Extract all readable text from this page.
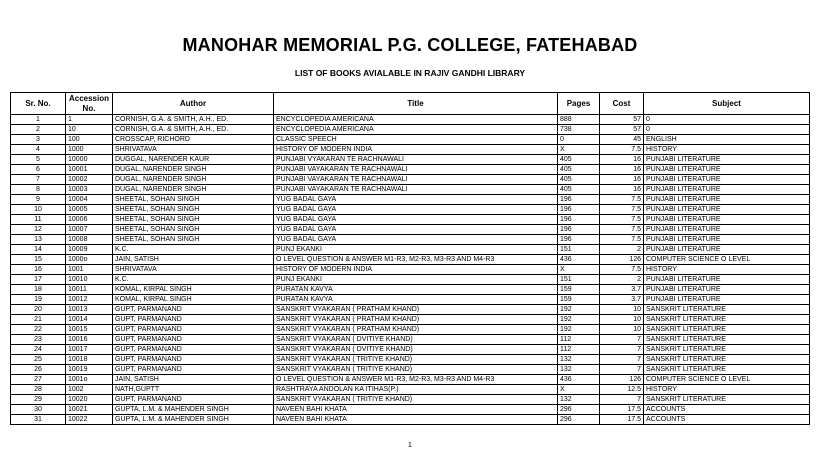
MANOHAR MEMORIAL P.G. COLLEGE, FATEHABAD
LIST OF BOOKS AVIALABLE IN RAJIV GANDHI LIBRARY
Sr. No.	Accession No.	Author	Title	Pages	Cost	Subject
1	1	CORNISH, G.A. & SMITH, A.H., ED.	ENCYCLOPEDIA AMERICANA	888	57	0
2	10	CORNISH, G.A. & SMITH, A.H., ED.	ENCYCLOPEDIA AMERICANA	738	57	0
3	100	CROSSCAP, RICHORD	CLASSIC SPEECH	0	45	ENGLISH
4	1000	SHRIVATAVA	HISTORY OF MODERN INDIA	X	7.5	HISTORY
5	10000	DUGGAL, NARENDER KAUR	PUNJABI VYAKARAN TE RACHNAWALI	405	16	PUNJABI LITERATURE
6	10001	DUGAL, NARENDER SINGH	PUNJABI VAYAKARAN TE RACHNAWALI	405	16	PUNJABI LITERATURE
7	10002	DUGAL, NARENDER SINGH	PUNJABI VAYAKARAN TE RACHNAWALI	405	16	PUNJABI LITERATURE
8	10003	DUGAL, NARENDER SINGH	PUNJABI VAYAKARAN TE RACHNAWALI	405	16	PUNJABI LITERATURE
9	10004	SHEETAL, SOHAN SINGH	YUG BADAL GAYA	196	7.5	PUNJABI LITERATURE
10	10005	SHEETAL, SOHAN SINGH	YUG BADAL GAYA	196	7.5	PUNJABI LITERATURE
11	10006	SHEETAL, SOHAN SINGH	YUG BADAL GAYA	196	7.5	PUNJABI LITERATURE
12	10007	SHEETAL, SOHAN SINGH	YUG BADAL GAYA	196	7.5	PUNJABI LITERATURE
13	10008	SHEETAL, SOHAN SINGH	YUG BADAL GAYA	196	7.5	PUNJABI LITERATURE
14	10009	K.C.	PUNJ EKANKI	151	2	PUNJABI LITERATURE
15	1000o	JAIN, SATISH	O LEVEL QUESTION & ANSWER M1-R3, M2-R3, M3-R3 AND M4-R3	436	126	COMPUTER SCIENCE O LEVEL
16	1001	SHRIVATAVA	HISTORY OF MODERN INDIA	X	7.5	HISTORY
17	10010	K.C.	PUNJ EKANKI	151	2	PUNJABI LITERATURE
18	10011	KOMAL, KIRPAL SINGH	PURATAN KAVYA	159	3.7	PUNJABI LITERATURE
19	10012	KOMAL, KIRPAL SINGH	PURATAN KAVYA	159	3.7	PUNJABI LITERATURE
20	10013	GUPT, PARMANAND	SANSKRIT VYAKARAN ( PRATHAM KHAND)	192	10	SANSKRIT LITERATURE
21	10014	GUPT, PARMANAND	SANSKRIT VYAKARAN ( PRATHAM KHAND)	192	10	SANSKRIT LITERATURE
22	10015	GUPT, PARMANAND	SANSKRIT VYAKARAN ( PRATHAM KHAND)	192	10	SANSKRIT LITERATURE
23	10016	GUPT, PARMANAND	SANSKRIT VYAKARAN ( DVITIYE KHAND)	112	7	SANSKRIT LITERATURE
24	10017	GUPT, PARMANAND	SANSKRIT VYAKARAN ( DVITIYE KHAND)	112	7	SANSKRIT LITERATURE
25	10018	GUPT, PARMANAND	SANSKRIT VYAKARAN ( TRITIYE KHAND)	132	7	SANSKRIT LITERATURE
26	10019	GUPT, PARMANAND	SANSKRIT VYAKARAN ( TRITIYE KHAND)	132	7	SANSKRIT LITERATURE
27	1001o	JAIN, SATISH	O LEVEL QUESTION & ANSWER M1-R3, M2-R3, M3-R3 AND M4-R3	436	126	COMPUTER SCIENCE O LEVEL
28	1002	NATH,GUPTT	RASHTRAYA ANDOLAN KA ITIHAS(P.)	X	12.5	HISTORY
29	10020	GUPT, PARMANAND	SANSKRIT VYAKARAN ( TRITIYE KHAND)	132	7	SANSKRIT LITERATURE
30	10021	GUPTA, L.M. & MAHENDER SINGH	NAVEEN BAHI KHATA	296	17.5	ACCOUNTS
31	10022	GUPTA, L.M. & MAHENDER SINGH	NAVEEN BAHI KHATA	296	17.5	ACCOUNTS
1
